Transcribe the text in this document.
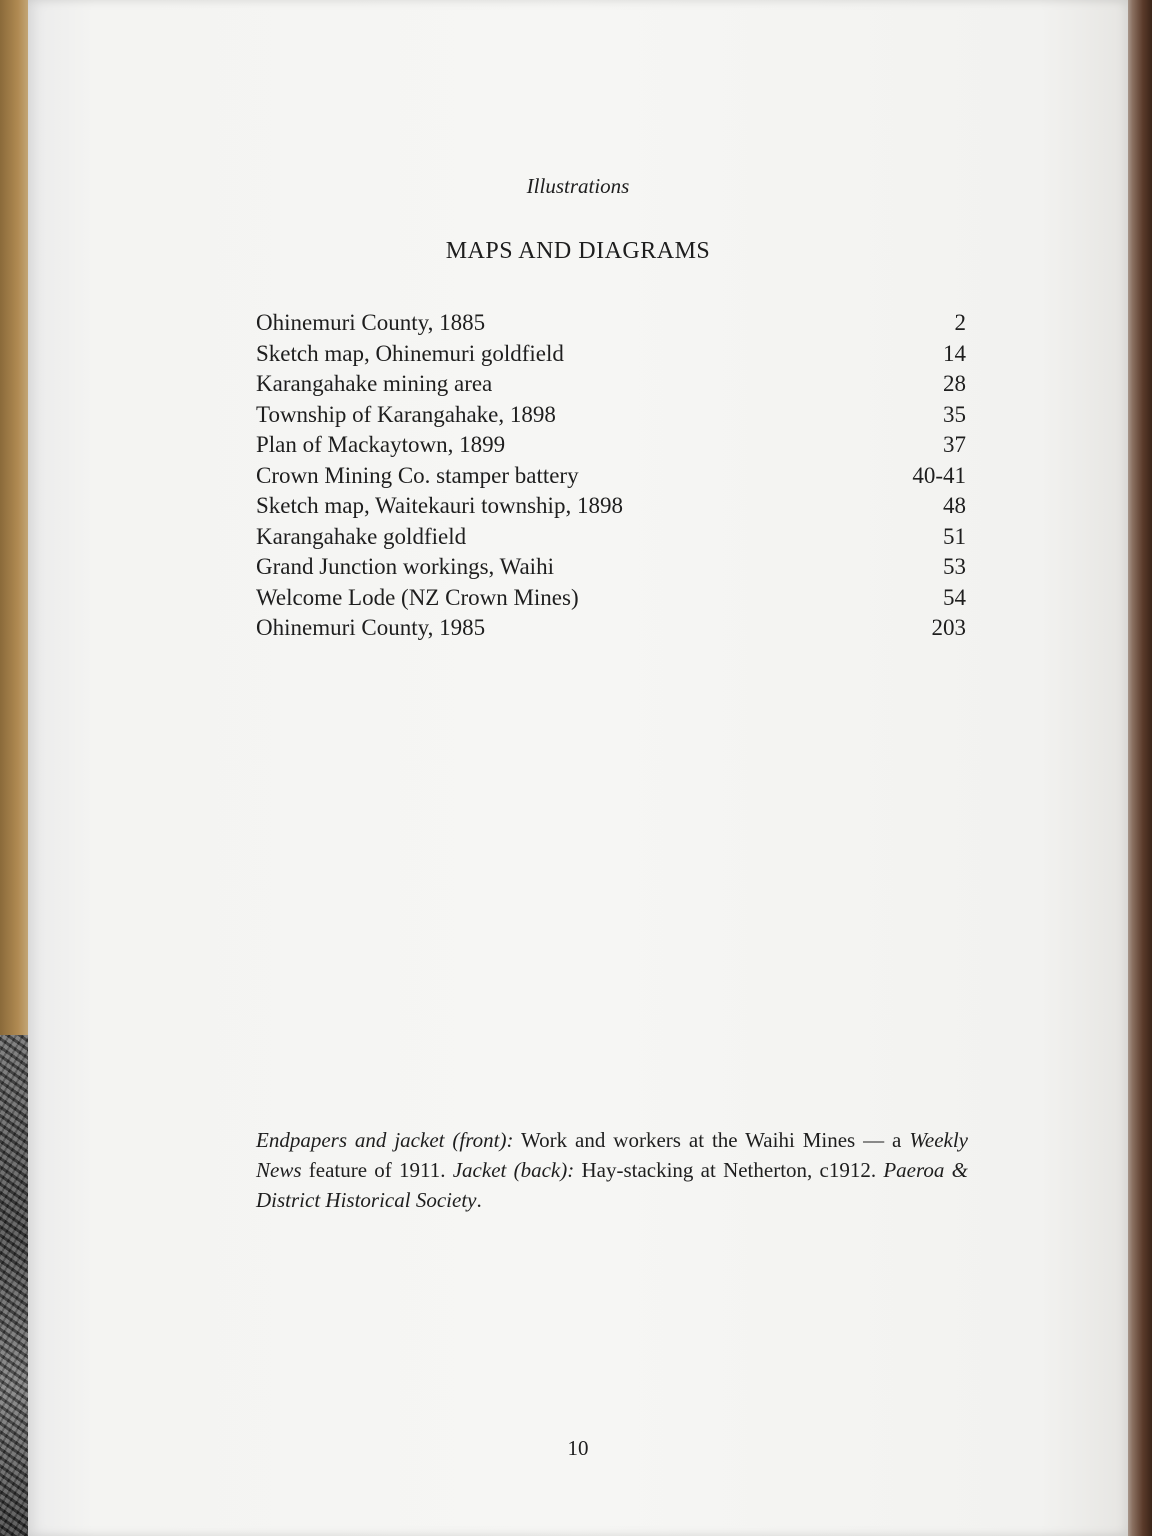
Illustrations
MAPS AND DIAGRAMS
Ohinemuri County, 1885	2
Sketch map, Ohinemuri goldfield	14
Karangahake mining area	28
Township of Karangahake, 1898	35
Plan of Mackaytown, 1899	37
Crown Mining Co. stamper battery	40-41
Sketch map, Waitekauri township, 1898	48
Karangahake goldfield	51
Grand Junction workings, Waihi	53
Welcome Lode (NZ Crown Mines)	54
Ohinemuri County, 1985	203

Endpapers and jacket (front): Work and workers at the Waihi Mines — a Weekly News feature of 1911. Jacket (back): Hay-stacking at Netherton, c1912. Paeroa & District Historical Society.

10
